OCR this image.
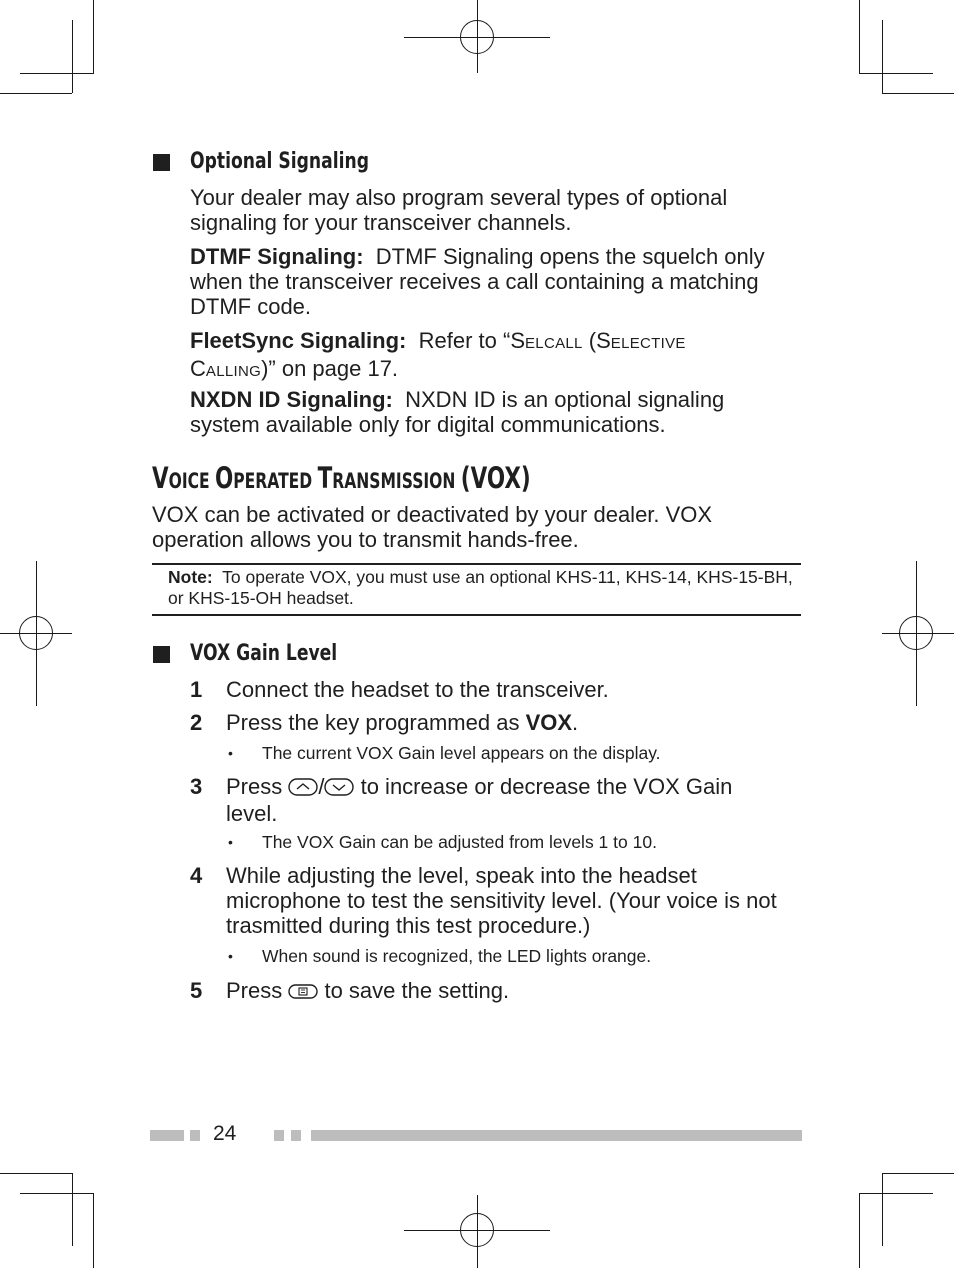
Optional Signaling

Your dealer may also program several types of optional signaling for your transceiver channels.

DTMF Signaling: DTMF Signaling opens the squelch only when the transceiver receives a call containing a matching DTMF code.

FleetSync Signaling: Refer to “SELCALL (SELECTIVE
CALLING)” on page 17.

NXDN ID Signaling: NXDN ID is an optional signaling system available only for digital communications.

VOICE OPERATED TRANSMISSION (VOX)

VOX can be activated or deactivated by your dealer. VOX operation allows you to transmit hands-free.

Note: To operate VOX, you must use an optional KHS-11, KHS-14, KHS-15-BH, or KHS-15-OH headset.

VOX Gain Level
1 Connect the headset to the transceiver.

2 Press the key programmed as VOX.

• The current VOX Gain level appears on the display.

3 Press / to increase or decrease the VOX Gain level.

• The VOX Gain can be adjusted from levels 1 to 10.

4 While adjusting the level, speak into the headset microphone to test the sensitivity level. (Your voice is not trasmitted during this test procedure.)

• When sound is recognized, the LED lights orange.

5 Press  to save the setting.

24
